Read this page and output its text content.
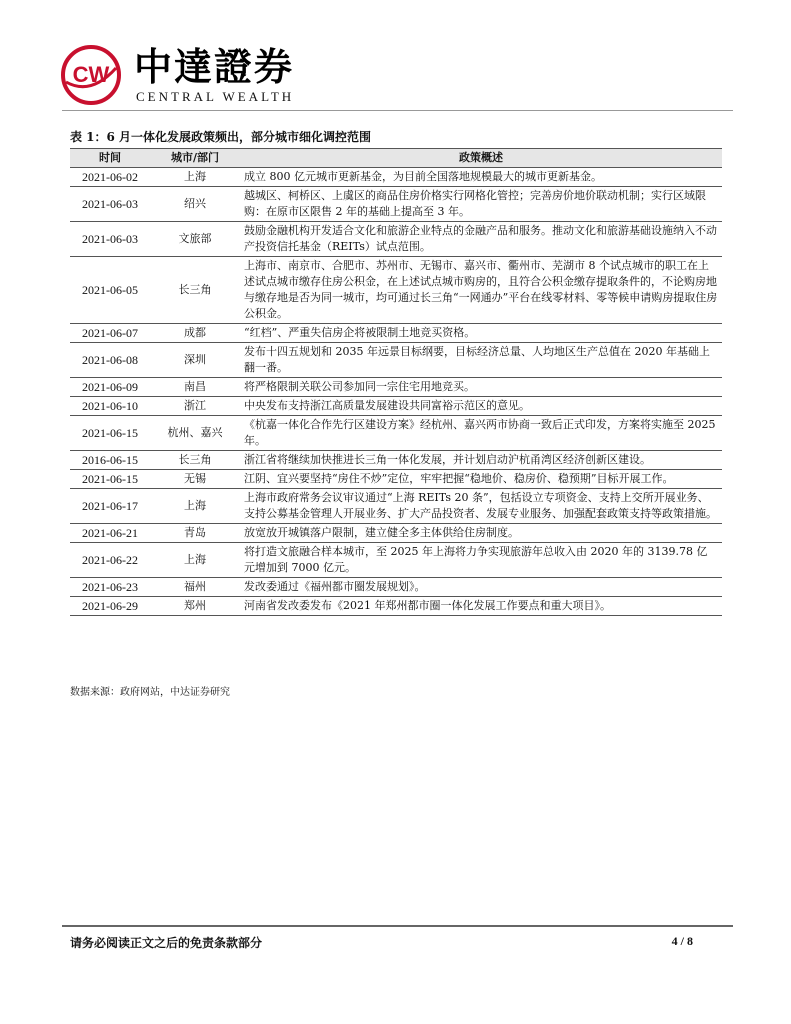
CW 中達證券
CENTRAL WEALTH
表 1：6 月一体化发展政策频出，部分城市细化调控范围
时间	城市/部门	政策概述
2021-06-02	上海	成立 800 亿元城市更新基金，为目前全国落地规模最大的城市更新基金。
2021-06-03	绍兴	越城区、柯桥区、上虞区的商品住房价格实行网格化管控；完善房价地价联动机制；实行区域限购：在原市区限售 2 年的基础上提高至 3 年。
2021-06-03	文旅部	鼓励金融机构开发适合文化和旅游企业特点的金融产品和服务。推动文化和旅游基础设施纳入不动产投资信托基金（REITs）试点范围。
2021-06-05	长三角	上海市、南京市、合肥市、苏州市、无锡市、嘉兴市、衢州市、芜湖市 8 个试点城市的职工在上述试点城市缴存住房公积金，在上述试点城市购房的，且符合公积金缴存提取条件的，不论购房地与缴存地是否为同一城市，均可通过长三角“一网通办”平台在线零材料、零等候申请购房提取住房公积金。
2021-06-07	成都	“红档”、严重失信房企将被限制土地竞买资格。
2021-06-08	深圳	发布十四五规划和 2035 年远景目标纲要，目标经济总量、人均地区生产总值在 2020 年基础上翻一番。
2021-06-09	南昌	将严格限制关联公司参加同一宗住宅用地竞买。
2021-06-10	浙江	中央发布支持浙江高质量发展建设共同富裕示范区的意见。
2021-06-15	杭州、嘉兴	《杭嘉一体化合作先行区建设方案》经杭州、嘉兴两市协商一致后正式印发，方案将实施至 2025 年。
2016-06-15	长三角	浙江省将继续加快推进长三角一体化发展，并计划启动沪杭甬湾区经济创新区建设。
2021-06-15	无锡	江阴、宜兴要坚持“房住不炒”定位，牢牢把握“稳地价、稳房价、稳预期”目标开展工作。
2021-06-17	上海	上海市政府常务会议审议通过“上海 REITs 20 条”，包括设立专项资金、支持上交所开展业务、支持公募基金管理人开展业务、扩大产品投资者、发展专业服务、加强配套政策支持等政策措施。
2021-06-21	青岛	放宽放开城镇落户限制，建立健全多主体供给住房制度。
2021-06-22	上海	将打造文旅融合样本城市，至 2025 年上海将力争实现旅游年总收入由 2020 年的 3139.78 亿元增加到 7000 亿元。
2021-06-23	福州	发改委通过《福州都市圈发展规划》。
2021-06-29	郑州	河南省发改委发布《2021 年郑州都市圈一体化发展工作要点和重大项目》。
数据来源：政府网站，中达证券研究
请务必阅读正文之后的免责条款部分	4 / 8
